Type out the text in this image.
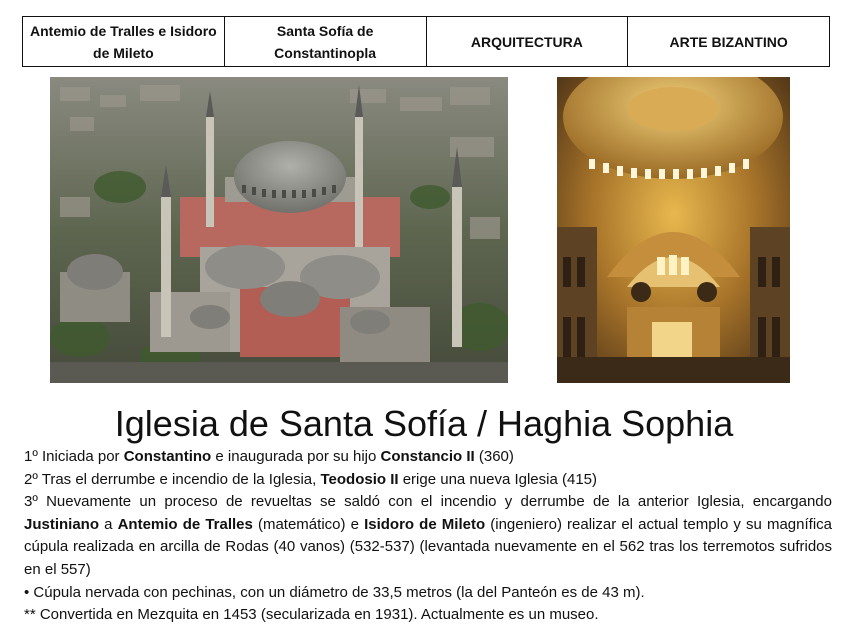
Antemio de Tralles e Isidoro de Mileto	Santa Sofía de Constantinopla	ARQUITECTURA	ARTE BIZANTINO
Iglesia de Santa Sofía / Haghia Sophia

1º Iniciada por Constantino e inaugurada por su hijo Constancio II (360)

2º Tras el derrumbe e incendio de la Iglesia, Teodosio II erige una nueva Iglesia (415)

3º Nuevamente un proceso de revueltas se saldó con el incendio y derrumbe de la anterior Iglesia, encargando Justiniano a Antemio de Tralles (matemático) e Isidoro de Mileto (ingeniero) realizar el actual templo y su magnífica cúpula realizada en arcilla de Rodas (40 vanos) (532-537) (levantada nuevamente en el 562 tras los terremotos sufridos en el 557)

• Cúpula nervada con pechinas, con un diámetro de 33,5 metros (la del Panteón es de 43 m).

** Convertida en Mezquita en 1453 (secularizada en 1931). Actualmente es un museo.
